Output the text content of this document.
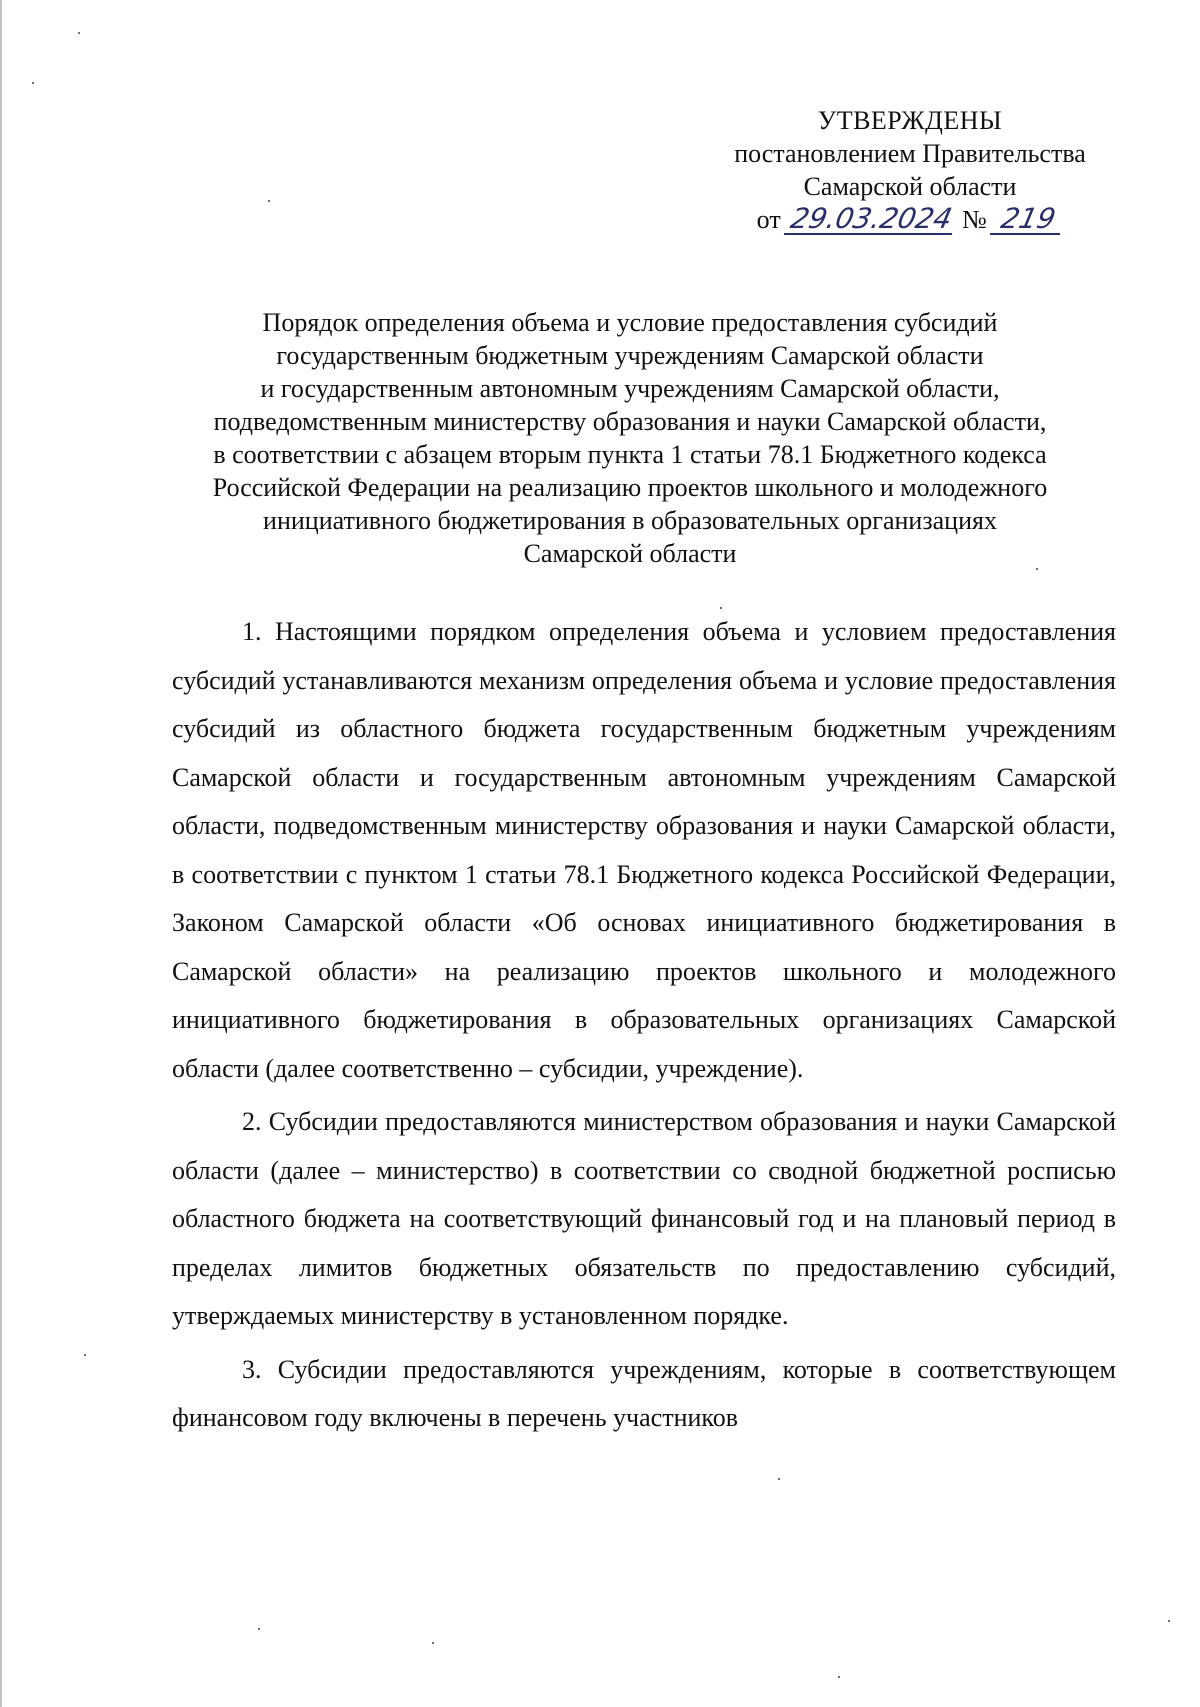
УТВЕРЖДЕНЫ
постановлением Правительства
Самарской области
от 29.03.2024 № 219
Порядок определения объема и условие предоставления субсидий
государственным бюджетным учреждениям Самарской области
и государственным автономным учреждениям Самарской области,
подведомственным министерству образования и науки Самарской области,
в соответствии с абзацем вторым пункта 1 статьи 78.1 Бюджетного кодекса
Российской Федерации на реализацию проектов школьного и молодежного
инициативного бюджетирования в образовательных организациях
Самарской области

1. Настоящими порядком определения объема и условием предоставления субсидий устанавливаются механизм определения объема и условие предоставления субсидий из областного бюджета государственным бюджетным учреждениям Самарской области и государственным автономным учреждениям Самарской области, подведомственным министерству образования и науки Самарской области, в соответствии с пунктом 1 статьи 78.1 Бюджетного кодекса Российской Федерации, Законом Самарской области «Об основах инициативного бюджетирования в Самарской области» на реализацию проектов школьного и молодежного инициативного бюджетирования в образовательных организациях Самарской области (далее соответственно – субсидии, учреждение).

2. Субсидии предоставляются министерством образования и науки Самарской области (далее – министерство) в соответствии со сводной бюджетной росписью областного бюджета на соответствующий финансовый год и на плановый период в пределах лимитов бюджетных обязательств по предоставлению субсидий, утверждаемых министерству в установленном порядке.

3. Субсидии предоставляются учреждениям, которые в соответствующем финансовом году включены в перечень участников
